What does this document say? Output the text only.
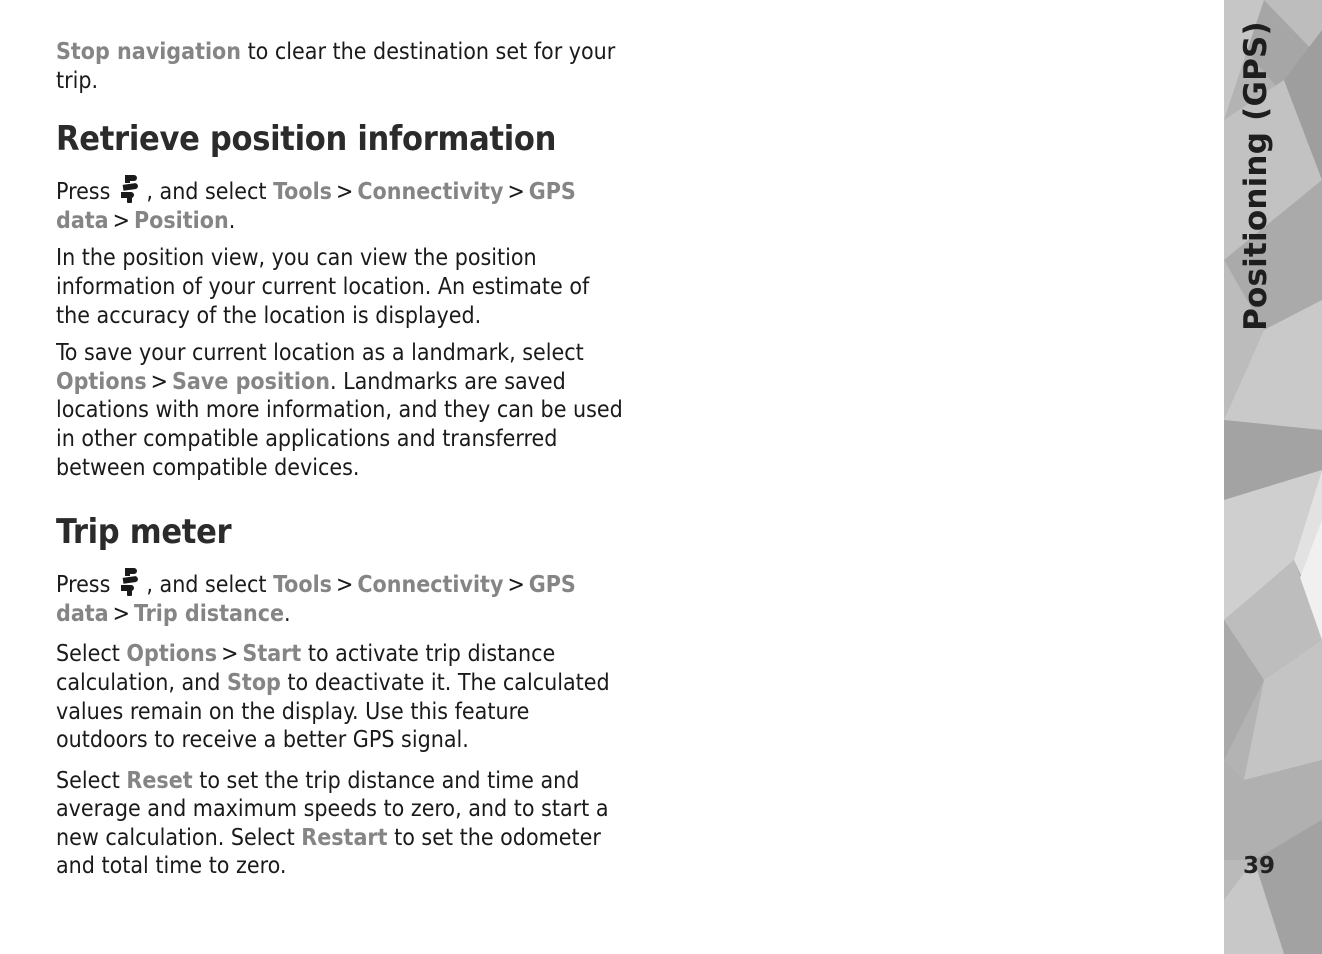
Stop navigation to clear the destination set for your trip.

Retrieve position information

Press , and select Tools > Connectivity > GPS data > Position.

In the position view, you can view the position information of your current location. An estimate of the accuracy of the location is displayed.

To save your current location as a landmark, select Options > Save position. Landmarks are saved locations with more information, and they can be used in other compatible applications and transferred between compatible devices.

Trip meter

Press , and select Tools > Connectivity > GPS data > Trip distance.

Select Options > Start to activate trip distance calculation, and Stop to deactivate it. The calculated values remain on the display. Use this feature outdoors to receive a better GPS signal.

Select Reset to set the trip distance and time and average and maximum speeds to zero, and to start a new calculation. Select Restart to set the odometer and total time to zero.

Positioning (GPS)
39
